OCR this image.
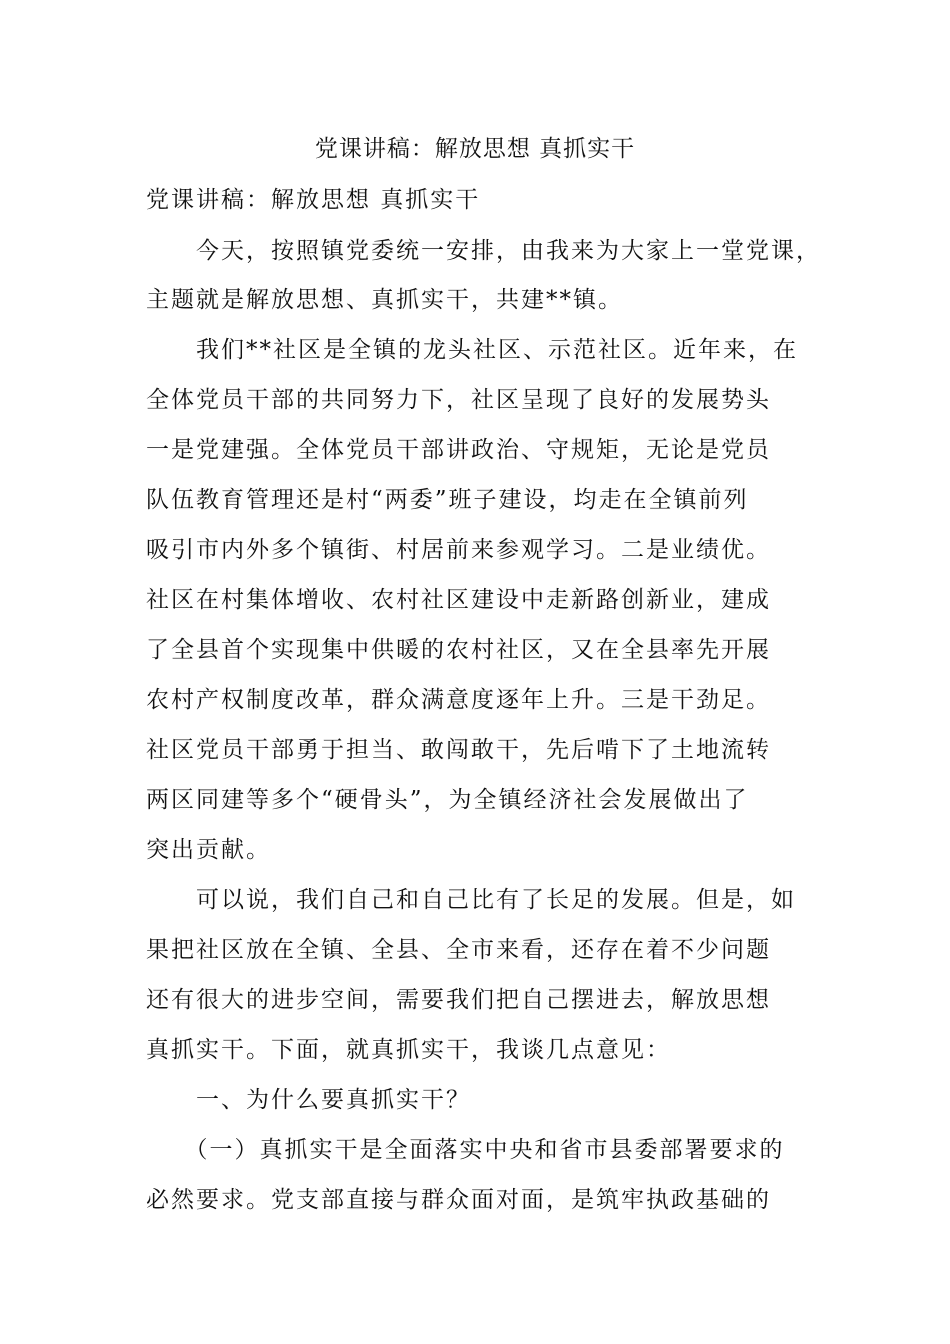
党课讲稿：解放思想 真抓实干
党课讲稿：解放思想 真抓实干
　　今天，按照镇党委统一安排，由我来为大家上一堂党课，
主题就是解放思想、真抓实干，共建**镇。
　　我们**社区是全镇的龙头社区、示范社区。近年来，在
全体党员干部的共同努力下，社区呈现了良好的发展势头
一是党建强。全体党员干部讲政治、守规矩，无论是党员
队伍教育管理还是村“两委”班子建设，均走在全镇前列
吸引市内外多个镇街、村居前来参观学习。二是业绩优。
社区在村集体增收、农村社区建设中走新路创新业，建成
了全县首个实现集中供暖的农村社区，又在全县率先开展
农村产权制度改革，群众满意度逐年上升。三是干劲足。
社区党员干部勇于担当、敢闯敢干，先后啃下了土地流转
两区同建等多个“硬骨头”，为全镇经济社会发展做出了
突出贡献。
　　可以说，我们自己和自己比有了长足的发展。但是，如
果把社区放在全镇、全县、全市来看，还存在着不少问题
还有很大的进步空间，需要我们把自己摆进去，解放思想
真抓实干。下面，就真抓实干，我谈几点意见：
　　一、为什么要真抓实干？
　　（一）真抓实干是全面落实中央和省市县委部署要求的
必然要求。党支部直接与群众面对面，是筑牢执政基础的
